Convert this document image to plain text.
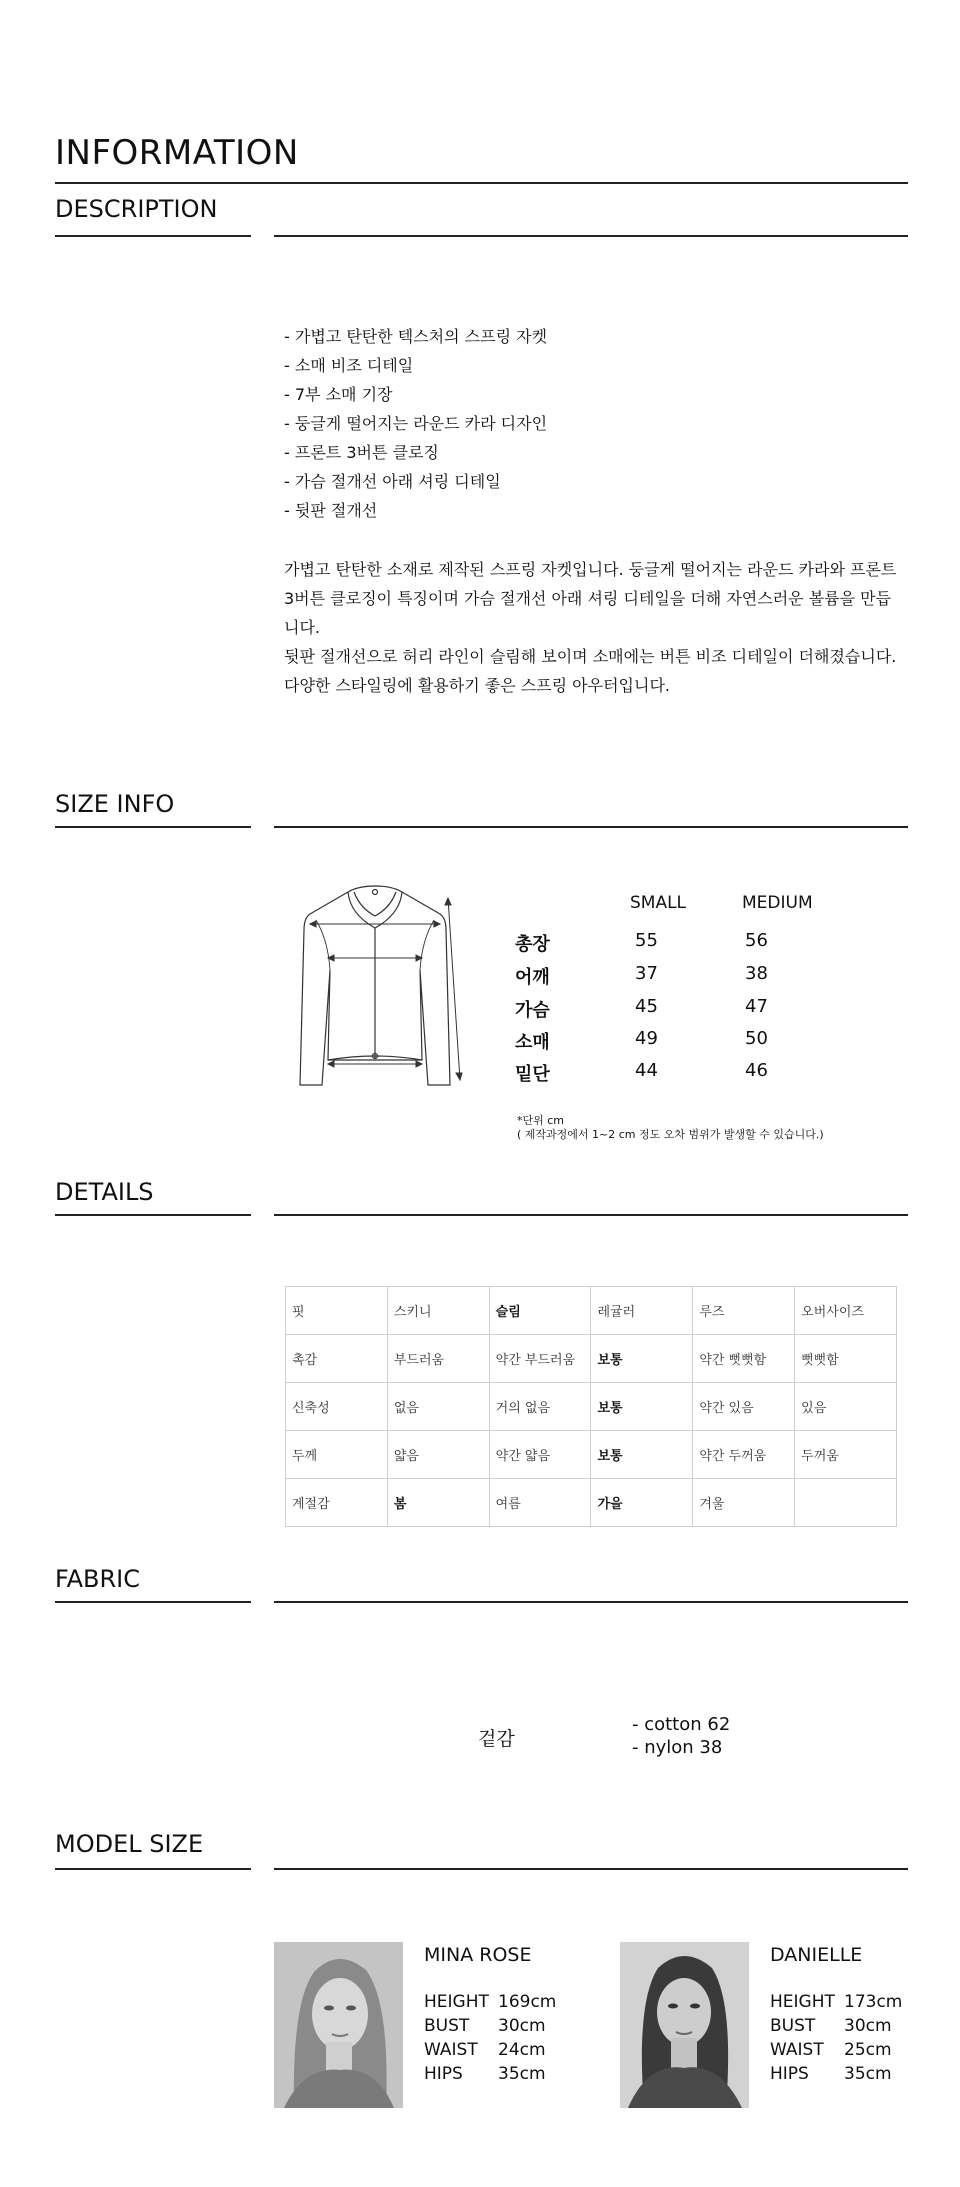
INFORMATION
DESCRIPTION
- 가볍고 탄탄한 텍스처의 스프링 자켓
- 소매 비조 디테일
- 7부 소매 기장
- 둥글게 떨어지는 라운드 카라 디자인
- 프론트 3버튼 클로징
- 가슴 절개선 아래 셔링 디테일
- 뒷판 절개선
가볍고 탄탄한 소재로 제작된 스프링 자켓입니다. 둥글게 떨어지는 라운드 카라와 프론트
3버튼 클로징이 특징이며 가슴 절개선 아래 셔링 디테일을 더해 자연스러운 볼륨을 만듭
니다.
뒷판 절개선으로 허리 라인이 슬림해 보이며 소매에는 버튼 비조 디테일이 더해졌습니다.
다양한 스타일링에 활용하기 좋은 스프링 아우터입니다.
SIZE INFO
SMALL	MEDIUM
총장	55	56
어깨	37	38
가슴	45	47
소매	49	50
밑단	44	46
*단위 cm
( 제작과정에서 1~2 cm 정도 오차 범위가 발생할 수 있습니다.)
DETAILS
핏	스키니	슬림	레귤러	루즈	오버사이즈
촉감	부드러움	약간 부드러움	보통	약간 뻣뻣함	뻣뻣함
신축성	없음	거의 없음	보통	약간 있음	있음
두께	얇음	약간 얇음	보통	약간 두꺼움	두꺼움
계절감	봄	여름	가을	겨울	
FABRIC
겉감
- cotton 62
- nylon 38
MODEL SIZE
MINA ROSE
HEIGHT 169cm
BUST 30cm
WAIST 24cm
HIPS 35cm
DANIELLE
HEIGHT 173cm
BUST 30cm
WAIST 25cm
HIPS 35cm
